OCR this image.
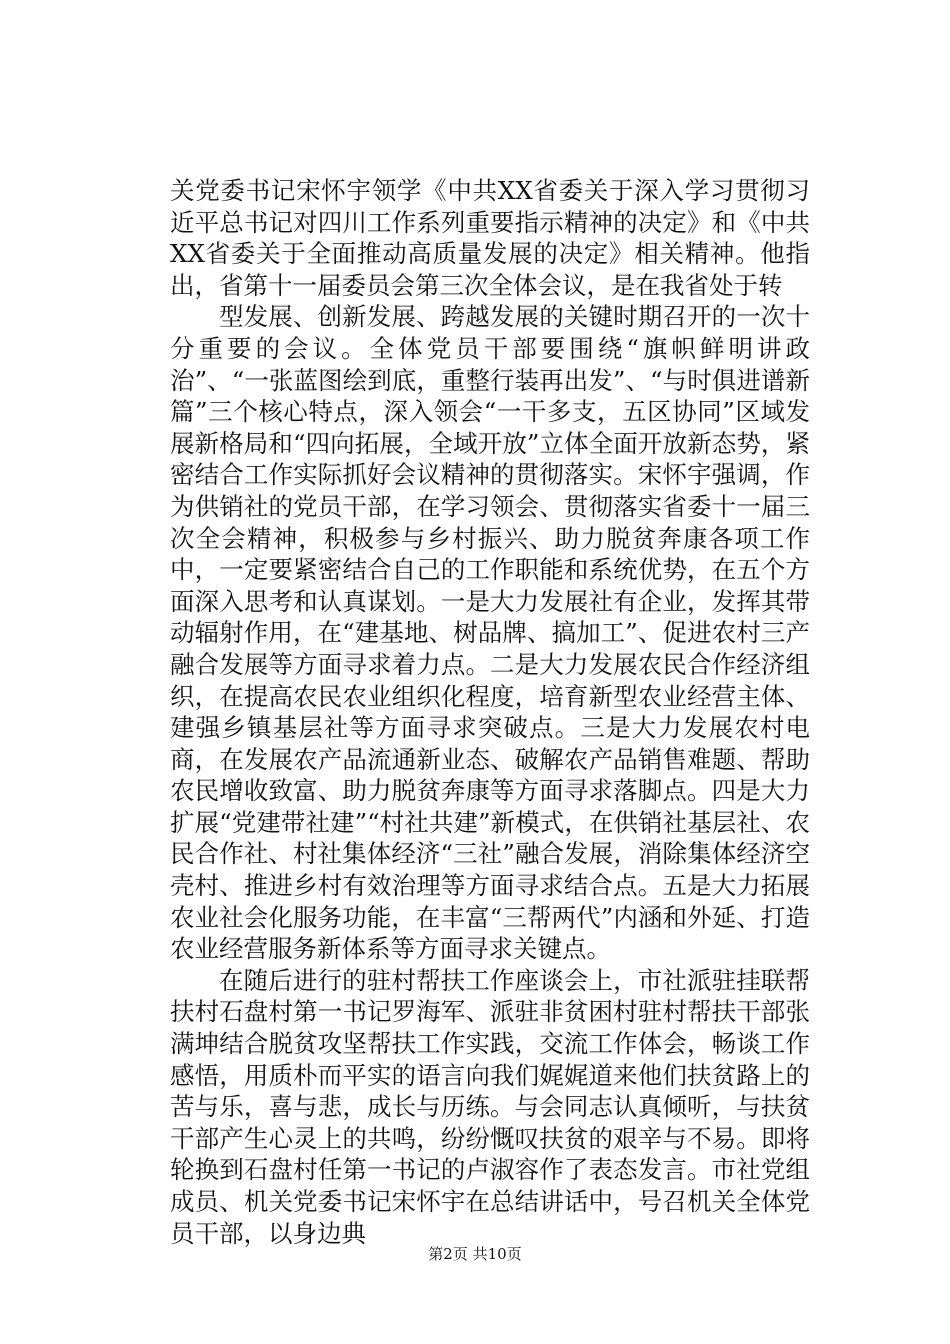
关党委书记宋怀宇领学《中共XX省委关于深入学习贯彻习近平总书记对四川工作系列重要指示精神的决定》和《中共XX省委关于全面推动高质量发展的决定》相关精神。他指出，省第十一届委员会第三次全体会议，是在我省处于转

型发展、创新发展、跨越发展的关键时期召开的一次十分重要的会议。全体党员干部要围绕“旗帜鲜明讲政治”、“一张蓝图绘到底，重整行装再出发”、“与时俱进谱新篇”三个核心特点，深入领会“一干多支，五区协同”区域发展新格局和“四向拓展，全域开放”立体全面开放新态势，紧密结合工作实际抓好会议精神的贯彻落实。宋怀宇强调，作为供销社的党员干部，在学习领会、贯彻落实省委十一届三次全会精神，积极参与乡村振兴、助力脱贫奔康各项工作中，一定要紧密结合自己的工作职能和系统优势，在五个方面深入思考和认真谋划。一是大力发展社有企业，发挥其带动辐射作用，在“建基地、树品牌、搞加工”、促进农村三产融合发展等方面寻求着力点。二是大力发展农民合作经济组织，在提高农民农业组织化程度，培育新型农业经营主体、建强乡镇基层社等方面寻求突破点。三是大力发展农村电商，在发展农产品流通新业态、破解农产品销售难题、帮助农民增收致富、助力脱贫奔康等方面寻求落脚点。四是大力扩展“党建带社建”“村社共建”新模式，在供销社基层社、农民合作社、村社集体经济“三社”融合发展，消除集体经济空壳村、推进乡村有效治理等方面寻求结合点。五是大力拓展农业社会化服务功能，在丰富“三帮两代”内涵和外延、打造农业经营服务新体系等方面寻求关键点。

在随后进行的驻村帮扶工作座谈会上，市社派驻挂联帮扶村石盘村第一书记罗海军、派驻非贫困村驻村帮扶干部张满坤结合脱贫攻坚帮扶工作实践，交流工作体会，畅谈工作感悟，用质朴而平实的语言向我们娓娓道来他们扶贫路上的苦与乐，喜与悲，成长与历练。与会同志认真倾听，与扶贫干部产生心灵上的共鸣，纷纷慨叹扶贫的艰辛与不易。即将轮换到石盘村任第一书记的卢淑容作了表态发言。市社党组成员、机关党委书记宋怀宇在总结讲话中，号召机关全体党员干部，以身边典

第2页 共10页
